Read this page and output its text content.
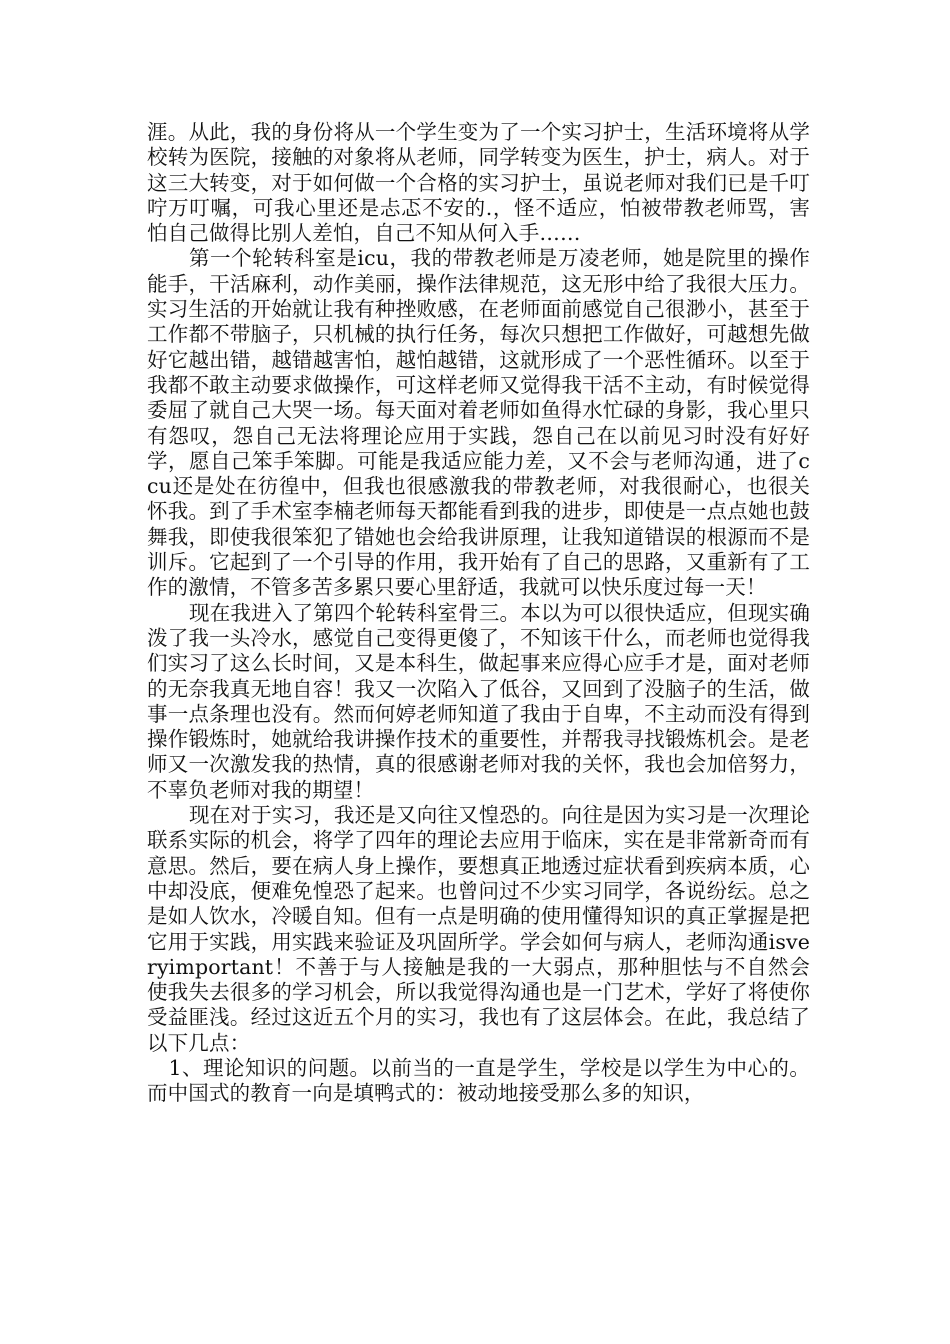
涯。从此，我的身份将从一个学生变为了一个实习护士，生活环境将从学校转为医院，接触的对象将从老师，同学转变为医生，护士，病人。对于这三大转变，对于如何做一个合格的实习护士，虽说老师对我们已是千叮咛万叮嘱，可我心里还是忐忑不安的.，怪不适应，怕被带教老师骂，害怕自己做得比别人差怕，自己不知从何入手……

第一个轮转科室是icu，我的带教老师是万凌老师，她是院里的操作能手，干活麻利，动作美丽，操作法律规范，这无形中给了我很大压力。实习生活的开始就让我有种挫败感，在老师面前感觉自己很渺小，甚至于工作都不带脑子，只机械的执行任务，每次只想把工作做好，可越想先做好它越出错，越错越害怕，越怕越错，这就形成了一个恶性循环。以至于我都不敢主动要求做操作，可这样老师又觉得我干活不主动，有时候觉得委屈了就自己大哭一场。每天面对着老师如鱼得水忙碌的身影，我心里只有怨叹，怨自己无法将理论应用于实践，怨自己在以前见习时没有好好学，愿自己笨手笨脚。可能是我适应能力差，又不会与老师沟通，进了ccu还是处在彷徨中，但我也很感激我的带教老师，对我很耐心，也很关怀我。到了手术室李楠老师每天都能看到我的进步，即使是一点点她也鼓舞我，即使我很笨犯了错她也会给我讲原理，让我知道错误的根源而不是训斥。它起到了一个引导的作用，我开始有了自己的思路，又重新有了工作的激情，不管多苦多累只要心里舒适，我就可以快乐度过每一天！

现在我进入了第四个轮转科室骨三。本以为可以很快适应，但现实确泼了我一头冷水，感觉自己变得更傻了，不知该干什么，而老师也觉得我们实习了这么长时间，又是本科生，做起事来应得心应手才是，面对老师的无奈我真无地自容！我又一次陷入了低谷，又回到了没脑子的生活，做事一点条理也没有。然而何婷老师知道了我由于自卑，不主动而没有得到操作锻炼时，她就给我讲操作技术的重要性，并帮我寻找锻炼机会。是老师又一次激发我的热情，真的很感谢老师对我的关怀，我也会加倍努力，不辜负老师对我的期望！

现在对于实习，我还是又向往又惶恐的。向往是因为实习是一次理论联系实际的机会，将学了四年的理论去应用于临床，实在是非常新奇而有意思。然后，要在病人身上操作，要想真正地透过症状看到疾病本质，心中却没底，便难免惶恐了起来。也曾问过不少实习同学，各说纷纭。总之是如人饮水，冷暖自知。但有一点是明确的使用懂得知识的真正掌握是把它用于实践，用实践来验证及巩固所学。学会如何与病人，老师沟通isveryimportant！不善于与人接触是我的一大弱点，那种胆怯与不自然会使我失去很多的学习机会，所以我觉得沟通也是一门艺术，学好了将使你受益匪浅。经过这近五个月的实习，我也有了这层体会。在此，我总结了以下几点：

1、理论知识的问题。以前当的一直是学生，学校是以学生为中心的。而中国式的教育一向是填鸭式的：被动地接受那么多的知识，
